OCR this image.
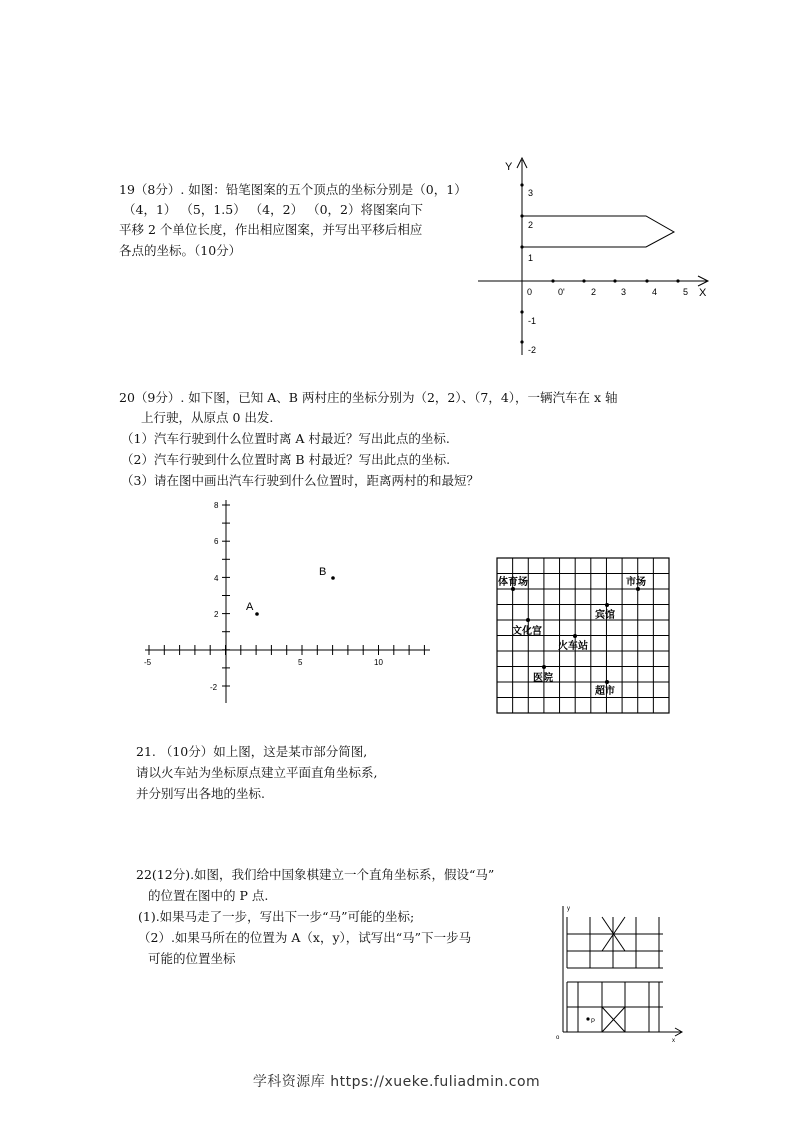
19（8分）. 如图：铅笔图案的五个顶点的坐标分别是（0，1）
（4，1） （5，1.5） （4，2） （0，2）将图案向下
平移 2 个单位长度，作出相应图案，并写出平移后相应
各点的坐标。（10分）
Y
X
3
2
1
-1
-2
0	0'	2	3	4	5
20（9分）. 如下图，已知 A、B 两村庄的坐标分别为（2，2）、（7，4），一辆汽车在 x 轴
上行驶，从原点 0 出发.
（1）汽车行驶到什么位置时离 A 村最近？写出此点的坐标.
（2）汽车行驶到什么位置时离 B 村最近？写出此点的坐标.
（3）请在图中画出汽车行驶到什么位置时，距离两村的和最短？
8
6
4
2
-2
-5	5	10
A
B
体育场	市场
宾馆
文化宫
火车站
医院
超市
21. （10分）如上图，这是某市部分简图,
请以火车站为坐标原点建立平面直角坐标系,
并分别写出各地的坐标.
22(12分).如图，我们给中国象棋建立一个直角坐标系，假设“马”
的位置在图中的 P 点.
(1).如果马走了一步，写出下一步“马”可能的坐标;
（2）.如果马所在的位置为 A（x，y），试写出“马”下一步马
可能的位置坐标
y
x
o
P
学科资源库 https://xueke.fuliadmin.com
